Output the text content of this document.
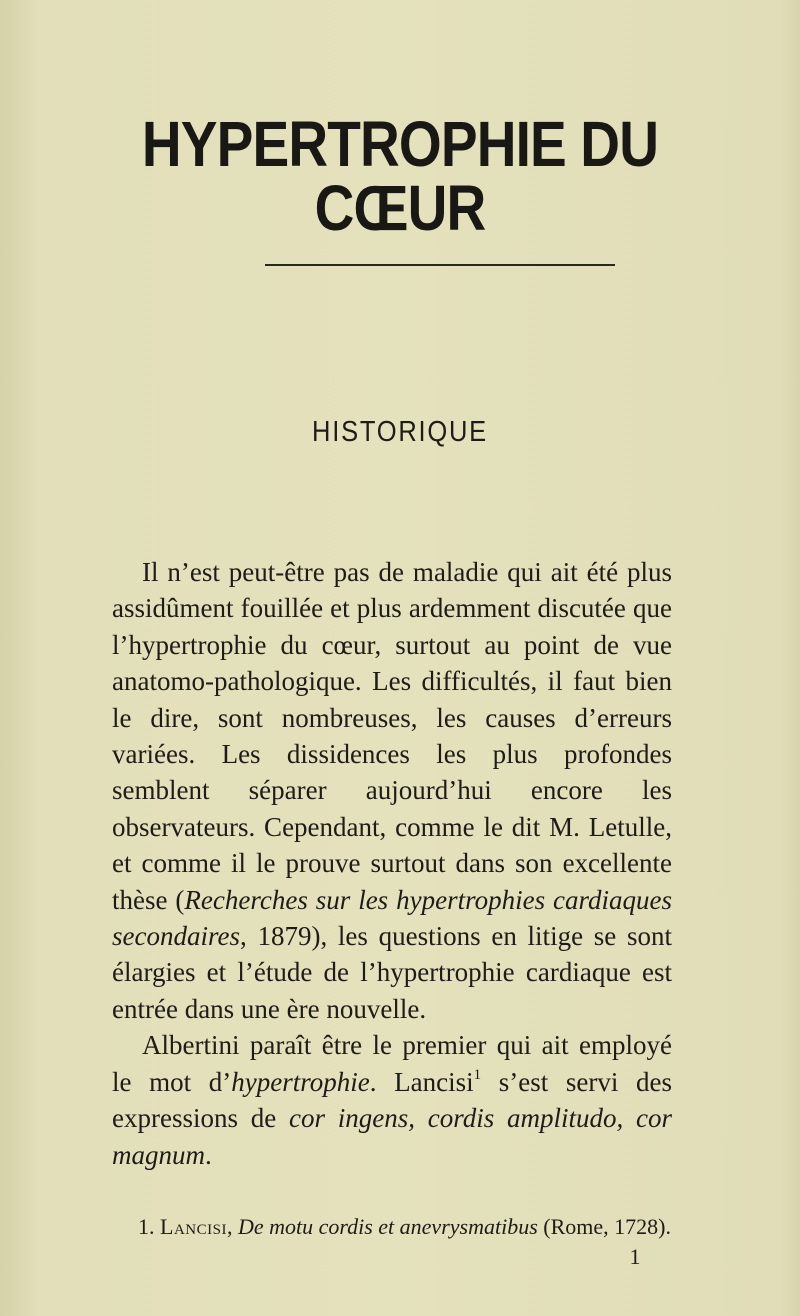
HYPERTROPHIE DU CŒUR
HISTORIQUE

Il n’est peut-être pas de maladie qui ait été plus assidûment fouillée et plus ardemment discutée que l’hypertrophie du cœur, surtout au point de vue anatomo-pathologique. Les difficultés, il faut bien le dire, sont nombreuses, les causes d’erreurs variées. Les dissidences les plus profondes semblent séparer aujourd’hui encore les observateurs. Cependant, comme le dit M. Letulle, et comme il le prouve surtout dans son excellente thèse (Recherches sur les hypertrophies cardiaques secondaires, 1879), les questions en litige se sont élargies et l’étude de l’hypertrophie cardiaque est entrée dans une ère nouvelle.

Albertini paraît être le premier qui ait employé le mot d’hypertrophie. Lancisi$^1$ s’est servi des expressions de cor ingens, cordis amplitudo, cor magnum.

1. Lancisi, De motu cordis et anevrysmatibus (Rome, 1728).
1
